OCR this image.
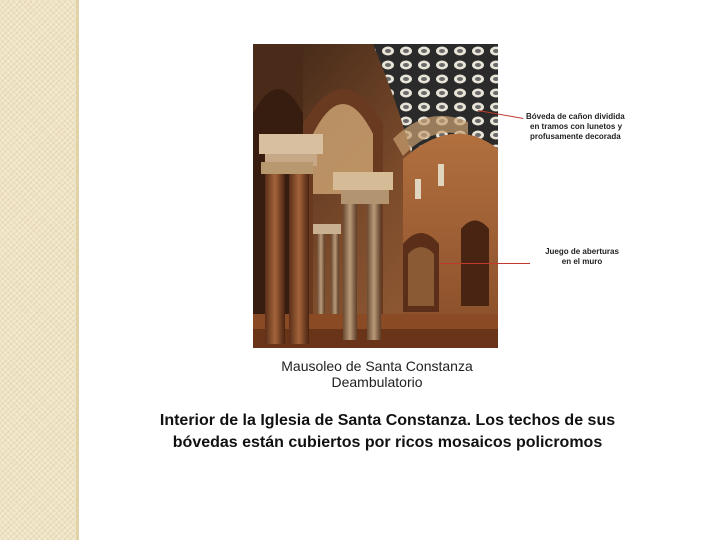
Bóveda de cañon dividida
en tramos con lunetos y
profusamente decorada
Juego de aberturas
en el muro
Mausoleo de Santa Constanza
Deambulatorio
Interior de la Iglesia de Santa Constanza. Los techos de sus
bóvedas están cubiertos por ricos mosaicos policromos
